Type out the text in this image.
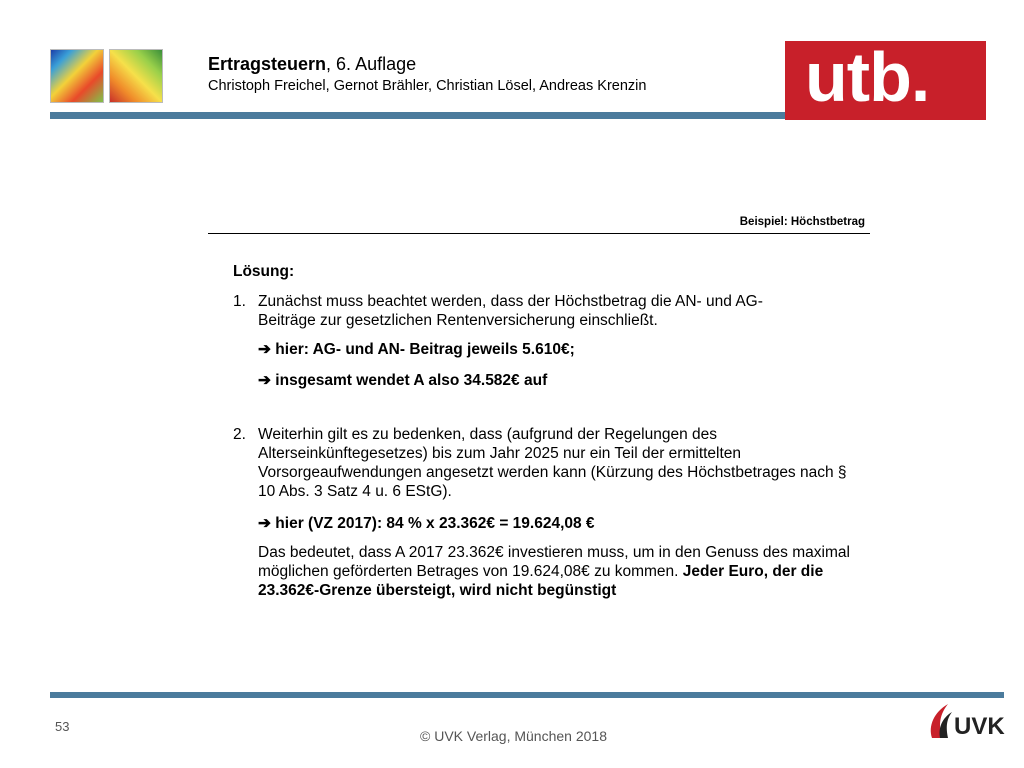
Ertragsteuern, 6. Auflage
Christoph Freichel, Gernot Brähler, Christian Lösel, Andreas Krenzin utb.
Beispiel: Höchstbetrag
Lösung:
1. Zunächst muss beachtet werden, dass der Höchstbetrag die AN- und AG-Beiträge zur gesetzlichen Rentenversicherung einschließt.
➔ hier: AG- und AN- Beitrag jeweils 5.610€;
➔ insgesamt wendet A also 34.582€ auf
2. Weiterhin gilt es zu bedenken, dass (aufgrund der Regelungen des Alterseinkünftegesetzes) bis zum Jahr 2025 nur ein Teil der ermittelten Vorsorgeaufwendungen angesetzt werden kann (Kürzung des Höchstbetrages nach § 10 Abs. 3 Satz 4 u. 6 EStG).
➔ hier (VZ 2017): 84 % x 23.362€ = 19.624,08 €
Das bedeutet, dass A 2017 23.362€ investieren muss, um in den Genuss des maximal möglichen geförderten Betrages von 19.624,08€ zu kommen. Jeder Euro, der die 23.362€-Grenze übersteigt, wird nicht begünstigt
53
© UVK Verlag, München 2018	UVK
